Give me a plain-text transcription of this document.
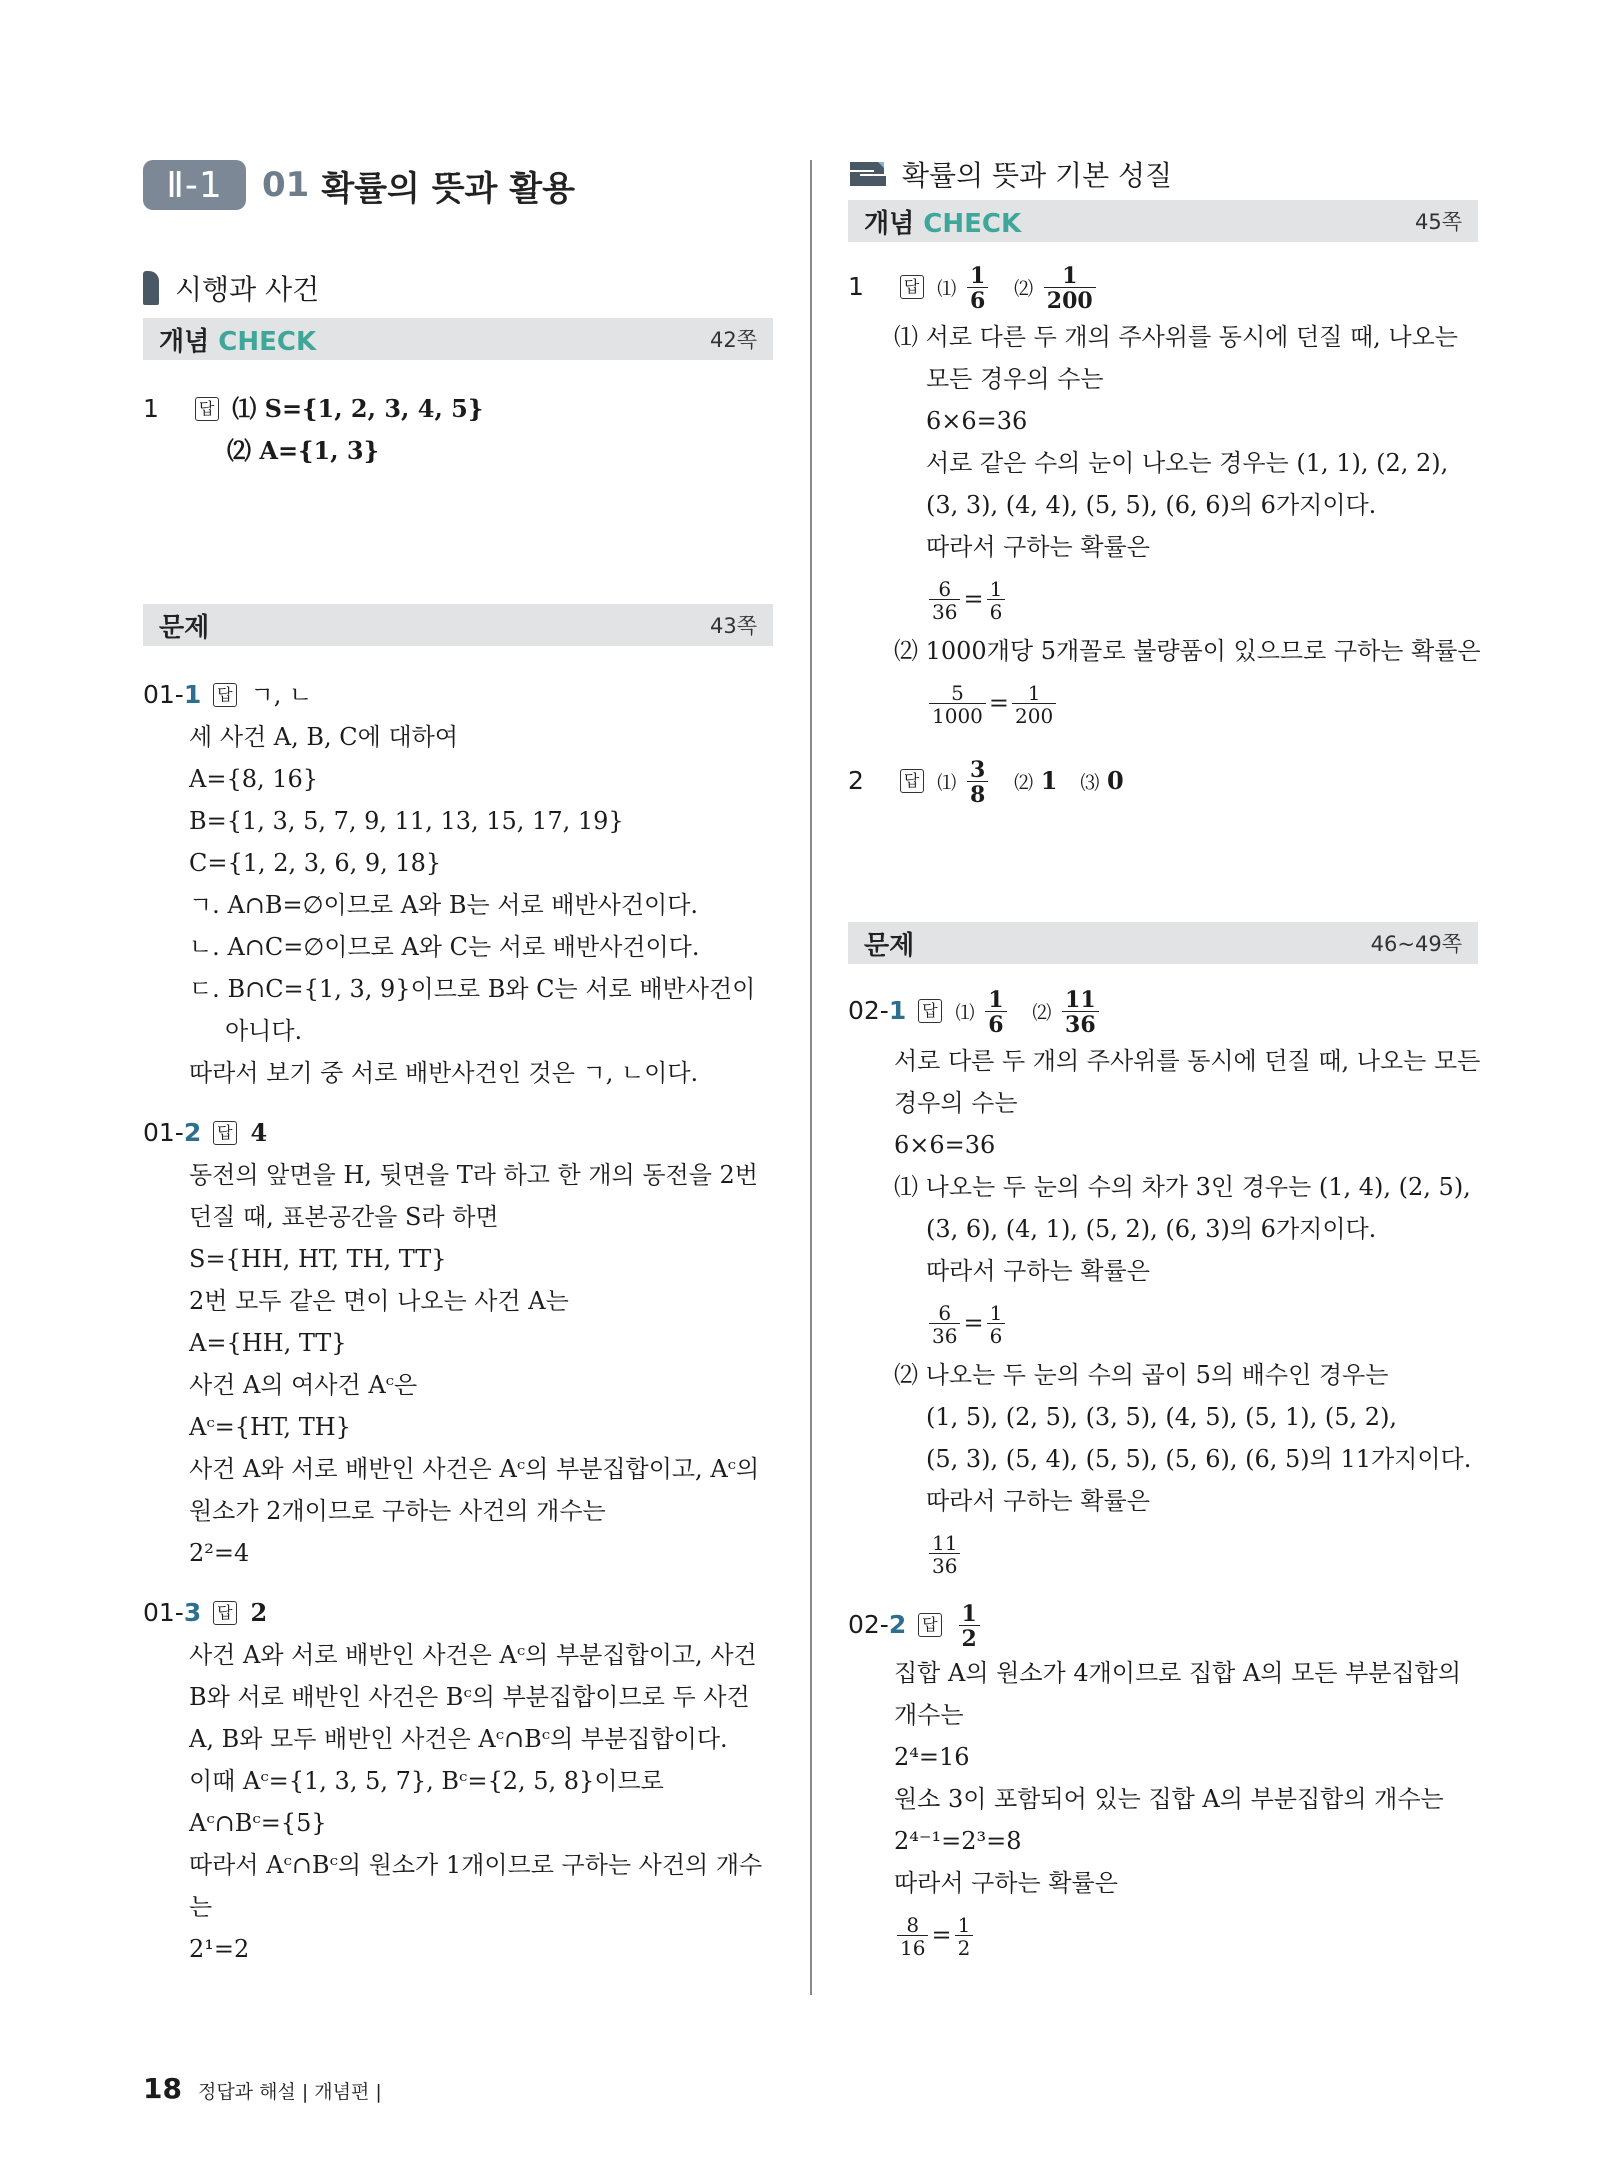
Ⅱ-1	01 확률의 뜻과 활용
시행과 사건
개념 CHECK	42쪽
1	답 ⑴ S={1, 2, 3, 4, 5}
⑵ A={1, 3}
문제	43쪽
01-1 답 ㄱ, ㄴ
세 사건 A, B, C에 대하여
A={8, 16}
B={1, 3, 5, 7, 9, 11, 13, 15, 17, 19}
C={1, 2, 3, 6, 9, 18}
ㄱ. A∩B=∅이므로 A와 B는 서로 배반사건이다.
ㄴ. A∩C=∅이므로 A와 C는 서로 배반사건이다.
ㄷ. B∩C={1, 3, 9}이므로 B와 C는 서로 배반사건이
아니다.
따라서 보기 중 서로 배반사건인 것은 ㄱ, ㄴ이다.
01-2 답 4
동전의 앞면을 H, 뒷면을 T라 하고 한 개의 동전을 2번
던질 때, 표본공간을 S라 하면
S={HH, HT, TH, TT}
2번 모두 같은 면이 나오는 사건 A는
A={HH, TT}
사건 A의 여사건 Aᶜ은
Aᶜ={HT, TH}
사건 A와 서로 배반인 사건은 Aᶜ의 부분집합이고, Aᶜ의
원소가 2개이므로 구하는 사건의 개수는
2²=4
01-3 답 2
사건 A와 서로 배반인 사건은 Aᶜ의 부분집합이고, 사건
B와 서로 배반인 사건은 Bᶜ의 부분집합이므로 두 사건
A, B와 모두 배반인 사건은 Aᶜ∩Bᶜ의 부분집합이다.
이때 Aᶜ={1, 3, 5, 7}, Bᶜ={2, 5, 8}이므로
Aᶜ∩Bᶜ={5}
따라서 Aᶜ∩Bᶜ의 원소가 1개이므로 구하는 사건의 개수
는
2¹=2
확률의 뜻과 기본 성질
개념 CHECK	45쪽
1	답 ⑴ $\frac{1}{6}$ ⑵ $\frac{1}{200}$
⑴ 서로 다른 두 개의 주사위를 동시에 던질 때, 나오는
모든 경우의 수는
6×6=36
서로 같은 수의 눈이 나오는 경우는 (1, 1), (2, 2),
(3, 3), (4, 4), (5, 5), (6, 6)의 6가지이다.
따라서 구하는 확률은
$\frac{6}{36} = \frac{1}{6}$
⑵ 1000개당 5개꼴로 불량품이 있으므로 구하는 확률은
$\frac{5}{1000} = \frac{1}{200}$
2	답 ⑴ $\frac{3}{8}$ ⑵ 1 ⑶ 0
문제	46~49쪽
02-1 답 ⑴ $\frac{1}{6}$ ⑵ $\frac{11}{36}$
서로 다른 두 개의 주사위를 동시에 던질 때, 나오는 모든
경우의 수는
6×6=36
⑴ 나오는 두 눈의 수의 차가 3인 경우는 (1, 4), (2, 5),
(3, 6), (4, 1), (5, 2), (6, 3)의 6가지이다.
따라서 구하는 확률은
$\frac{6}{36} = \frac{1}{6}$
⑵ 나오는 두 눈의 수의 곱이 5의 배수인 경우는
(1, 5), (2, 5), (3, 5), (4, 5), (5, 1), (5, 2),
(5, 3), (5, 4), (5, 5), (5, 6), (6, 5)의 11가지이다.
따라서 구하는 확률은
$\frac{11}{36}$
02-2 답 $\frac{1}{2}$
집합 A의 원소가 4개이므로 집합 A의 모든 부분집합의
개수는
2⁴=16
원소 3이 포함되어 있는 집합 A의 부분집합의 개수는
2⁴⁻¹=2³=8
따라서 구하는 확률은
$\frac{8}{16} = \frac{1}{2}$
18 정답과 해설 | 개념편 |
